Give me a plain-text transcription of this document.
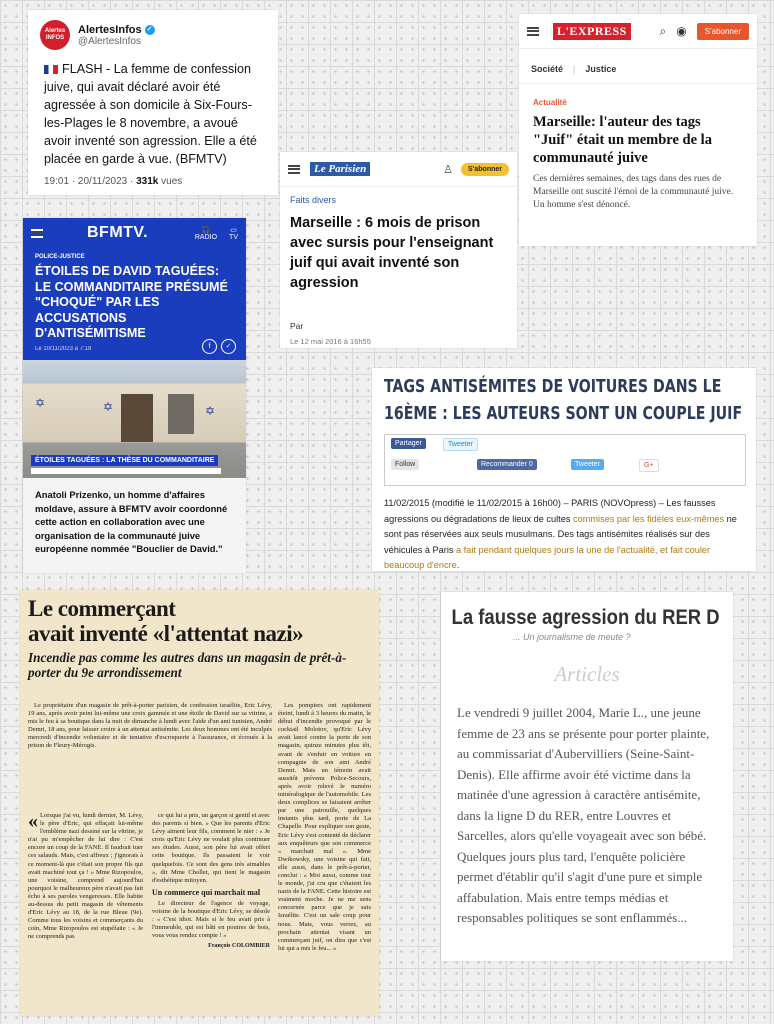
Alertes
INFOS
AlertesInfos ✓
@AlertesInfos
FLASH - La femme de confession juive, qui avait déclaré avoir été agressée à son domicile à Six-Fours-les-Plages le 8 novembre, a avoué avoir inventé son agression. Elle a été placée en garde à vue. (BFMTV)
19:01 · 20/11/2023 · 331k vues
L'EXPRESS	⌕ ◉	S'abonner
Société | Justice
Actualité
Marseille: l'auteur des tags "Juif" était un membre de la communauté juive
Ces dernières semaines, des tags dans des rues de Marseille ont suscité l'émoi de la communauté juive. Un homme s'est dénoncé.
Le Parisien	♙	S'abonner
Faits divers
Marseille : 6 mois de prison avec sursis pour l'enseignant juif qui avait inventé son agression
Par
Le 12 mai 2016 à 16h55
BFMTV.	🎧
RADIO
▭
TV
POLICE-JUSTICE
ÉTOILES DE DAVID TAGUÉES: LE COMMANDITAIRE PRÉSUMÉ "CHOQUÉ" PAR LES ACCUSATIONS D'ANTISÉMITISME
Le 10/11/2023 à 7:19	f	✓
✡	✡	✡
ÉTOILES TAGUÉES : LA THÈSE DU COMMANDITAIRE
Anatoli Prizenko, un homme d'affaires moldave, assure à BFMTV avoir coordonné cette action en collaboration avec une organisation de la communauté juive européenne nommée "Bouclier de David."
TAGS ANTISÉMITES DE VOITURES DANS LE 16ÈME : LES AUTEURS SONT UN COUPLE JUIF
Partager	Tweeter
Follow	Recommander 0	Tweeter	G+
11/02/2015 (modifié le 11/02/2015 à 16h00) – PARIS (NOVOpress) – Les fausses agressions ou dégradations de lieux de cultes commises par les fidèles eux-mêmes ne sont pas réservées aux seuls musulmans. Des tags antisémites réalisés sur des véhicules à Paris a fait pendant quelques jours la une de l'actualité, et fait couler beaucoup d'encre.
Le commerçant
avait inventé «l'attentat nazi»
Incendie pas comme les autres dans un magasin de prêt-à-porter du 9e arrondissement

Le propriétaire d'un magasin de prêt-à-porter parisien, de confession israélite, Eric Lévy, 19 ans, après avoir peint lui-même une croix gammée et une étoile de David sur sa vitrine, a mis le feu à sa boutique dans la nuit de dimanche à lundi avec l'aide d'un ami tunisien, André Demri, 18 ans, pour laisser croire à un attentat antisémite. Les deux hommes ont été inculpés mercredi d'incendie volontaire et de tentative d'escroquerie à l'assurance, et écroués à la prison de Fleury-Mérogis.

« Lorsque j'ai vu, lundi dernier, M. Lévy, le père d'Eric, qui effaçait lui-même l'emblème nazi dessiné sur la vitrine, je n'ai pu m'empêcher de lui dire : C'est encore un coup de la FANE. Il faudrait tuer ces salauds. Mais, c'est affreux ; j'ignorais à ce moment-là que c'était son propre fils qui avait machiné tout ça ! » Mme Rizopoulos, une voisine, comprend aujourd'hui pourquoi le malheureux père n'avait pas fait écho à ses paroles vengeresses. Elle habite au-dessus du petit magasin de vêtements d'Eric Lévy au 18, de la rue Bleue (9e). Comme tous les voisins et commerçants du coin, Mme Rizopoulos est stupéfaite : « Je ne comprends pas

ce qui lui a pris, un garçon si gentil et avec des parents si bien. » Que les parents d'Eric Lévy aiment leur fils, comment le nier : « Je crois qu'Eric Lévy ne voulait plus continuer ses études. Aussi, son père lui avait offert cette boutique. Ils passaient le voir quelquefois. Ce sont des gens très aimables », dit Mme Chollet, qui tient le magasin d'esthétique mitoyen.

Un commerce qui marchait mal

Le directeur de l'agence de voyage, voisine de la boutique d'Eric Lévy, se désole : « C'est idiot. Mais si le feu avait pris à l'immeuble, qui est bâti en poutres de bois, vous vous rendez compte ! »

François COLOMBIER

Les pompiers ont rapidement éteint, lundi à 3 heures du matin, le début d'incendie provoqué par le cocktail Molotov, qu'Eric Lévy avait lancé contre la porte de son magasin, quinze minutes plus tôt, avant de s'enfuir en voiture en compagnie de son ami André Demri. Mais un témoin avait aussitôt prévenu Police-Secours, après avoir relevé le numéro minéralogique de l'automobile. Les deux complices se faisaient arrêter par une patrouille, quelques instants plus tard, porte de La Chapelle. Pour expliquer son geste, Eric Lévy s'est contenté de déclarer aux enquêteurs que son commerce « marchait mal ». Mme Dwikowsky, une voisine qui fait, elle aussi, dans le prêt-à-porter, conclut : « Moi aussi, comme tout le monde, j'ai cru que c'étaient les nazis de la FANE. Cette histoire est vraiment moche. Je ne me sens concernée parce que je suis Israélite. C'est un sale coup pour nous. Mais, vous verrez, au prochain attentat visant un commerçant juif, on dira que c'est lui qui a mis le feu... »

La fausse agression du RER D
... Un journalisme de meute ?
Articles
Le vendredi 9 juillet 2004, Marie L., une jeune femme de 23 ans se présente pour porter plainte, au commissariat d'Aubervilliers (Seine-Saint-Denis). Elle affirme avoir été victime dans la matinée d'une agression à caractère antisémite, dans la ligne D du RER, entre Louvres et Sarcelles, alors qu'elle voyageait avec son bébé. Quelques jours plus tard, l'enquête policière permet d'établir qu'il s'agit d'une pure et simple affabulation. Mais entre temps médias et responsables politiques se sont enflammés...
